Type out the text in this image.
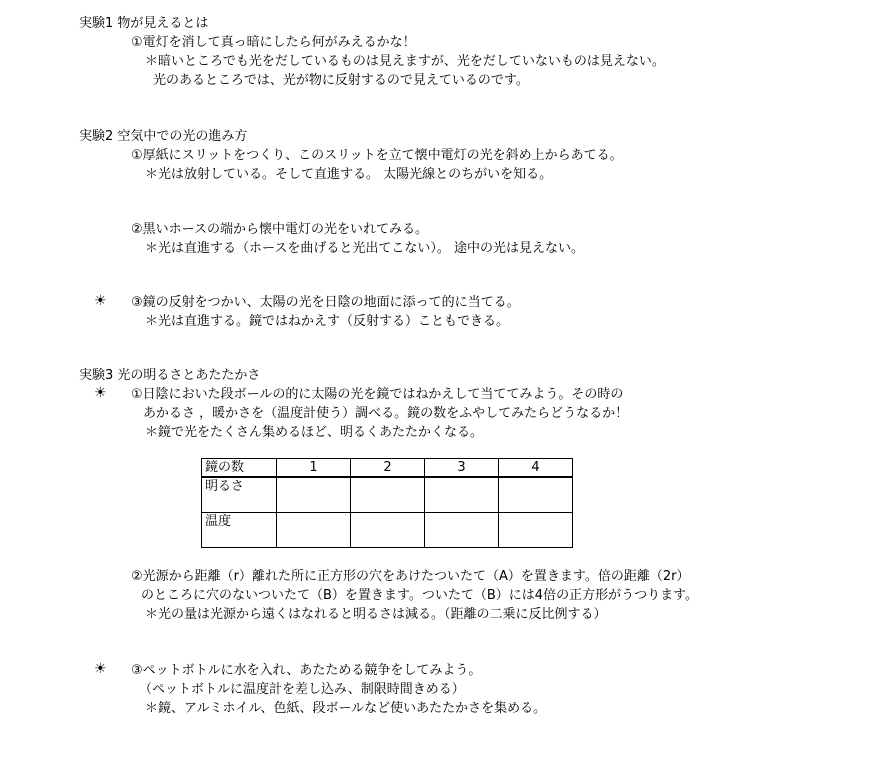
実験1 物が見えるとは
①電灯を消して真っ暗にしたら何がみえるかな！
＊暗いところでも光をだしているものは見えますが、光をだしていないものは見えない。
光のあるところでは、光が物に反射するので見えているのです。
実験2 空気中での光の進み方
①厚紙にスリットをつくり、このスリットを立て懐中電灯の光を斜め上からあてる。
＊光は放射している。そして直進する。 太陽光線とのちがいを知る。
②黒いホースの端から懐中電灯の光をいれてみる。
＊光は直進する（ホースを曲げると光出てこない）。 途中の光は見えない。
☀ ③鏡の反射をつかい、太陽の光を日陰の地面に添って的に当てる。
＊光は直進する。鏡ではねかえす（反射する）こともできる。
実験3 光の明るさとあたたかさ
☀ ①日陰においた段ボールの的に太陽の光を鏡ではねかえして当ててみよう。その時の
あかるさ ，暖かさを（温度計使う）調べる。鏡の数をふやしてみたらどうなるか！
＊鏡で光をたくさん集めるほど、明るくあたたかくなる。
鏡の数	1	2	3	4
明るさ				
温度				
②光源から距離（r）離れた所に正方形の穴をあけたついたて（A）を置きます。倍の距離（2r）
のところに穴のないついたて（B）を置きます。ついたて（B）には4倍の正方形がうつります。
＊光の量は光源から遠くはなれると明るさは減る。（距離の二乗に反比例する）
☀ ③ペットボトルに水を入れ、あたためる競争をしてみよう。
（ペットボトルに温度計を差し込み、制限時間きめる）
＊鏡、アルミホイル、色紙、段ボールなど使いあたたかさを集める。
